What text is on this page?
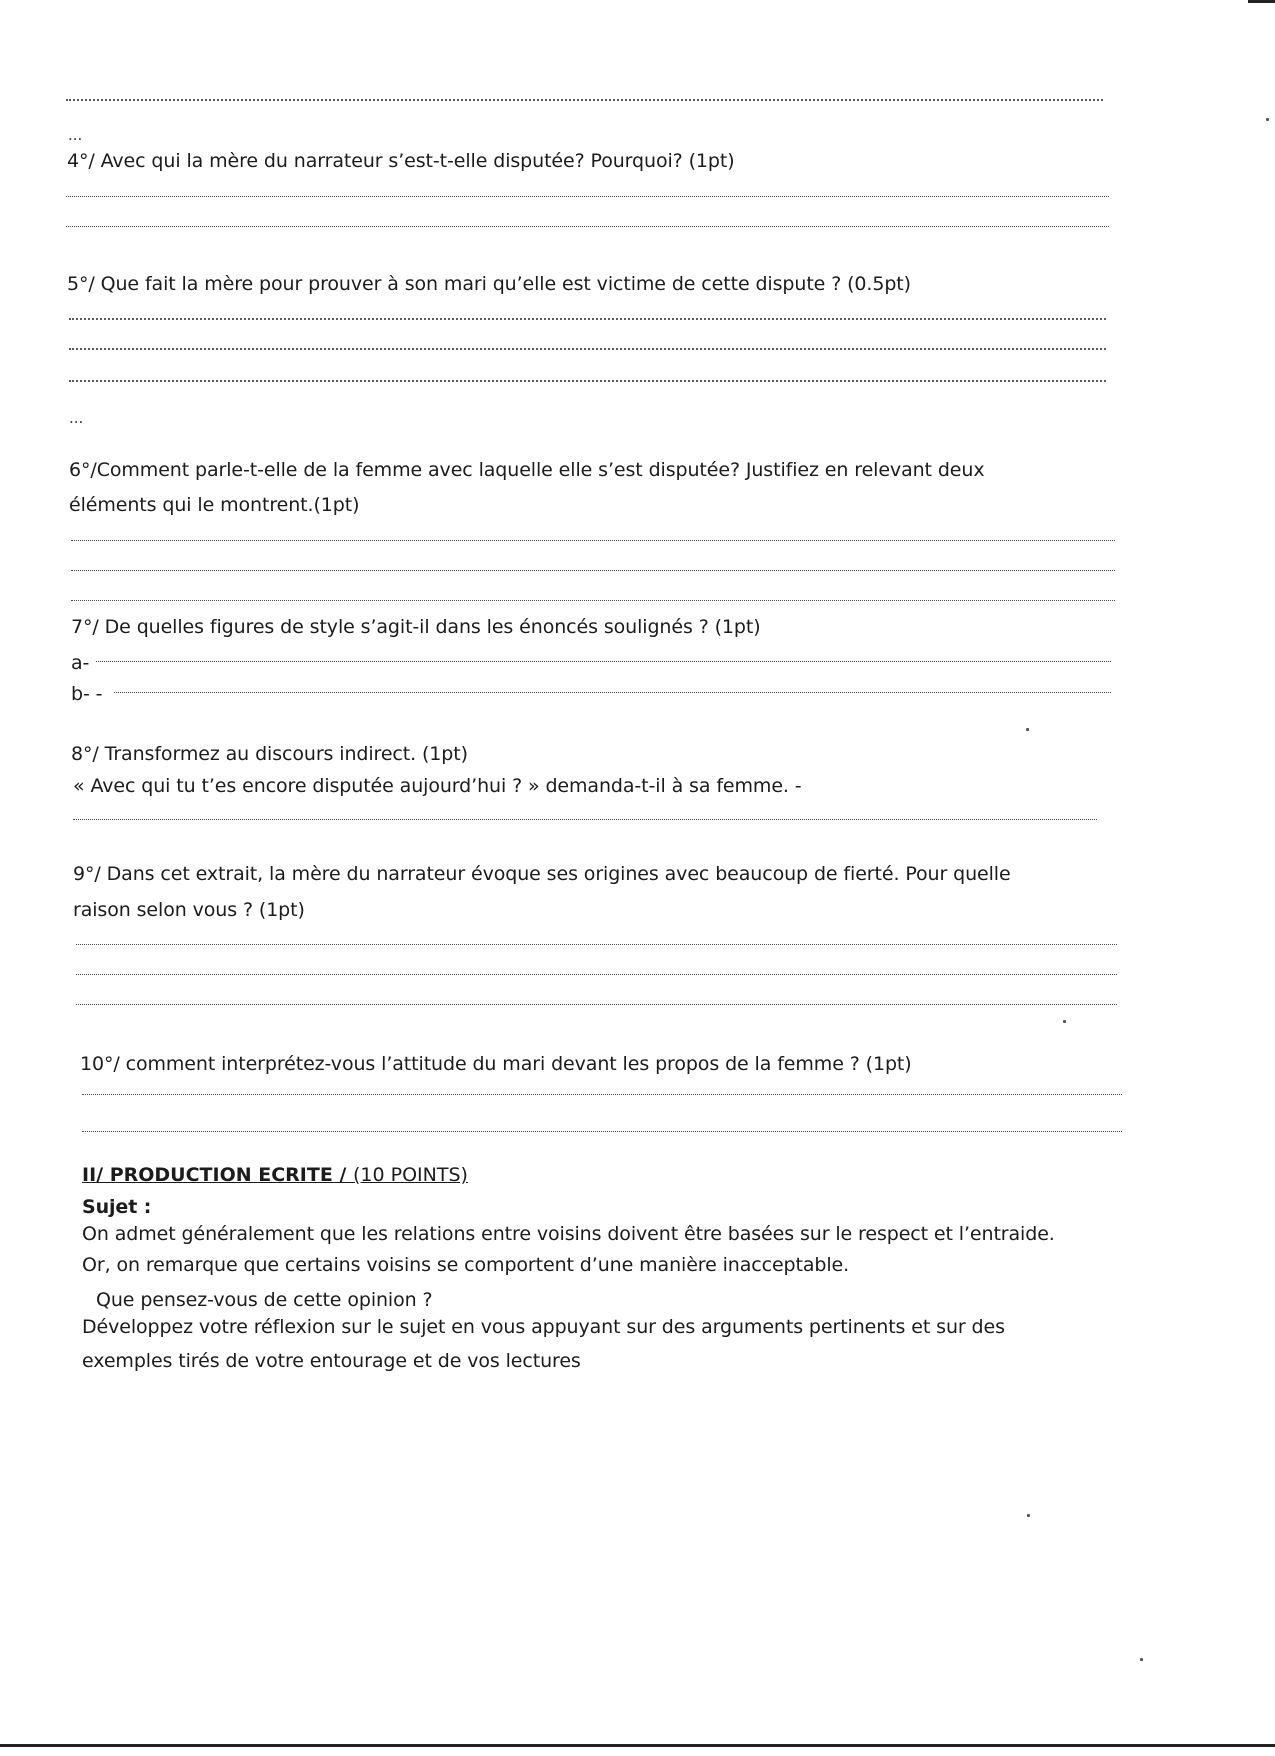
...
4°/ Avec qui la mère du narrateur s’est-t-elle disputée? Pourquoi? (1pt)
5°/ Que fait la mère pour prouver à son mari qu’elle est victime de cette dispute ? (0.5pt)
...
6°/Comment parle-t-elle de la femme avec laquelle elle s’est disputée? Justifiez en relevant deux
éléments qui le montrent.(1pt)
7°/ De quelles figures de style s’agit-il dans les énoncés soulignés ? (1pt)
a-
b- -
8°/ Transformez au discours indirect. (1pt)
« Avec qui tu t’es encore disputée aujourd’hui ? » demanda-t-il à sa femme. -
9°/ Dans cet extrait, la mère du narrateur évoque ses origines avec beaucoup de fierté. Pour quelle
raison selon vous ? (1pt)
10°/ comment interprétez-vous l’attitude du mari devant les propos de la femme ? (1pt)
II/ PRODUCTION ECRITE / (10 POINTS)
Sujet :
On admet généralement que les relations entre voisins doivent être basées sur le respect et l’entraide.
Or, on remarque que certains voisins se comportent d’une manière inacceptable.
Que pensez-vous de cette opinion ?
Développez votre réflexion sur le sujet en vous appuyant sur des arguments pertinents et sur des
exemples tirés de votre entourage et de vos lectures
